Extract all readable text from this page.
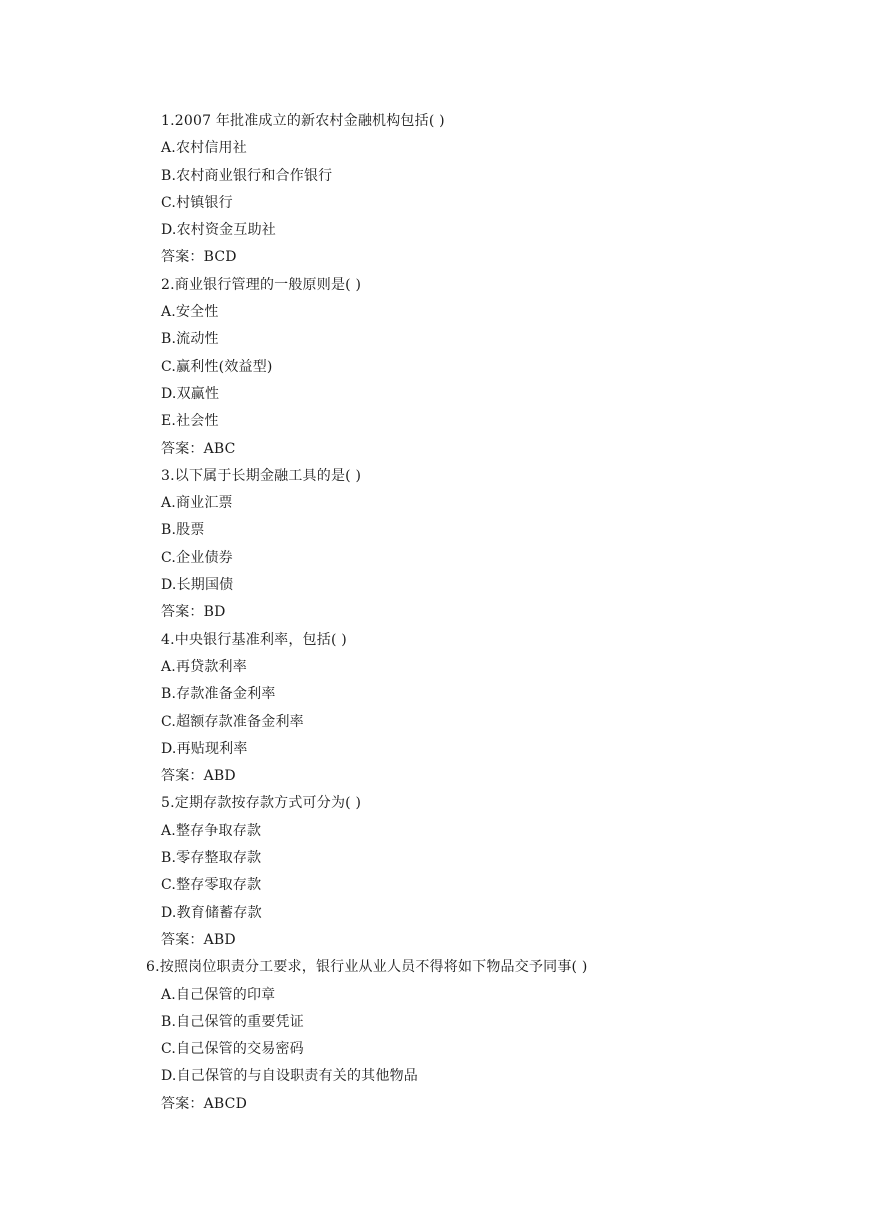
1.2007 年批准成立的新农村金融机构包括( )
A.农村信用社
B.农村商业银行和合作银行
C.村镇银行
D.农村资金互助社
答案：BCD
2.商业银行管理的一般原则是( )
A.安全性
B.流动性
C.赢利性(效益型)
D.双赢性
E.社会性
答案：ABC
3.以下属于长期金融工具的是( )
A.商业汇票
B.股票
C.企业债券
D.长期国债
答案：BD
4.中央银行基准利率，包括( )
A.再贷款利率
B.存款准备金利率
C.超额存款准备金利率
D.再贴现利率
答案：ABD
5.定期存款按存款方式可分为( )
A.整存争取存款
B.零存整取存款
C.整存零取存款
D.教育储蓄存款
答案：ABD
6.按照岗位职责分工要求，银行业从业人员不得将如下物品交予同事( )
A.自己保管的印章
B.自己保管的重要凭证
C.自己保管的交易密码
D.自己保管的与自设职责有关的其他物品
答案：ABCD
